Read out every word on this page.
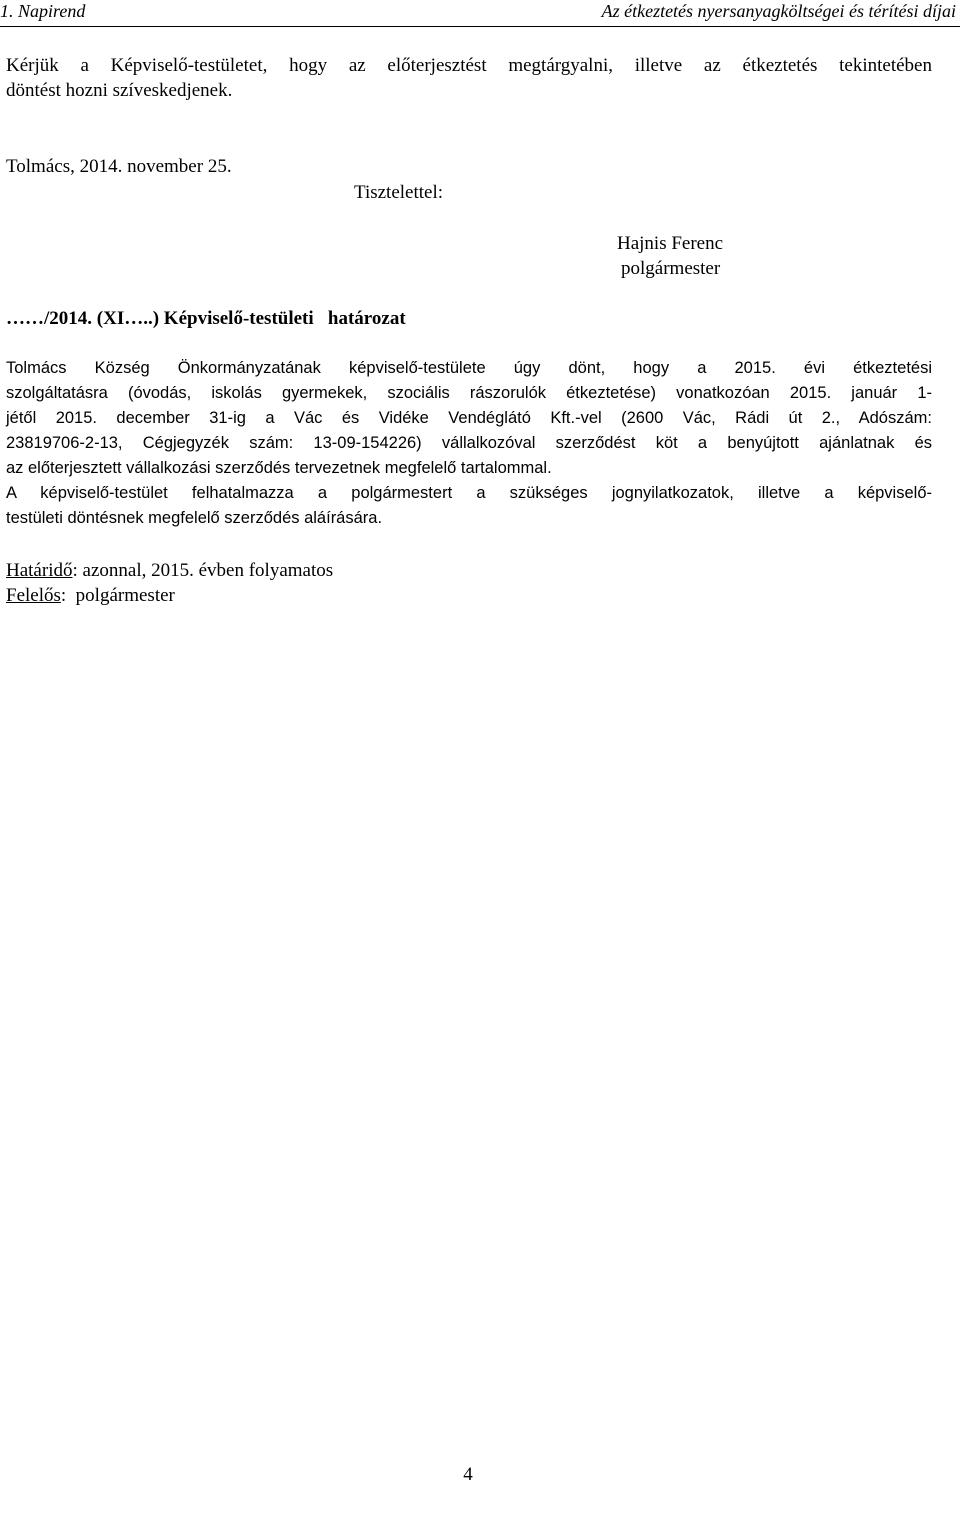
1. Napirend	Az étkeztetés nyersanyagköltségei és térítési díjai
Kérjük a Képviselő-testületet, hogy az előterjesztést megtárgyalni, illetve az étkeztetés tekintetében
döntést hozni szíveskedjenek.
Tolmács, 2014. november 25.
Tisztelettel:
Hajnis Ferenc
polgármester
……/2014. (XI…..) Képviselő-testületi határozat
Tolmács Község Önkormányzatának képviselő-testülete úgy dönt, hogy a 2015. évi étkeztetési
szolgáltatásra (óvodás, iskolás gyermekek, szociális rászorulók étkeztetése) vonatkozóan 2015. január 1-
jétől 2015. december 31-ig a Vác és Vidéke Vendéglátó Kft.-vel (2600 Vác, Rádi út 2., Adószám:
23819706-2-13, Cégjegyzék szám: 13-09-154226) vállalkozóval szerződést köt a benyújtott ajánlatnak és
az előterjesztett vállalkozási szerződés tervezetnek megfelelő tartalommal.
A képviselő-testület felhatalmazza a polgármestert a szükséges jognyilatkozatok, illetve a képviselő-
testületi döntésnek megfelelő szerződés aláírására.
Határidő: azonnal, 2015. évben folyamatos
Felelős:  polgármester
4
